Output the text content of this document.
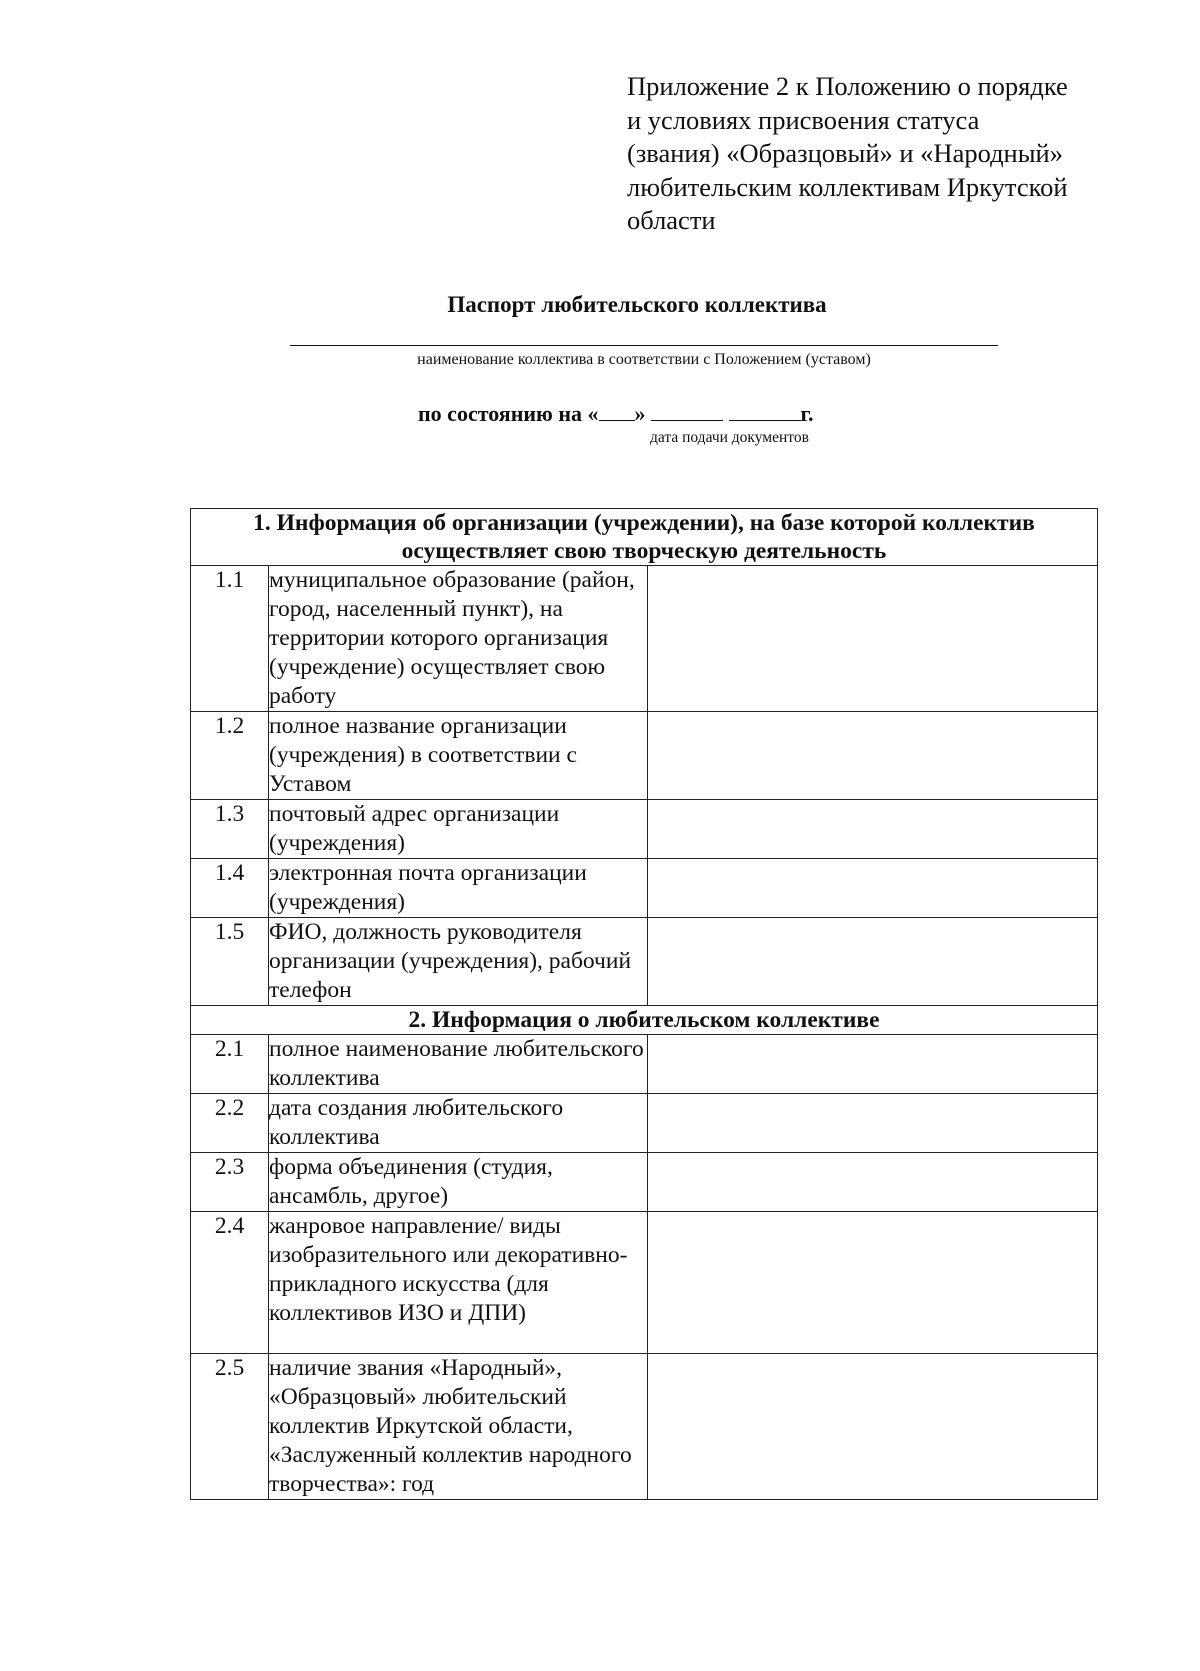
Приложение 2 к Положению о порядке
и условиях присвоения статуса
(звания) «Образцовый» и «Народный»
любительским коллективам Иркутской
области
Паспорт любительского коллектива
наименование коллектива в соответствии с Положением (уставом)
по состоянию на « »	г.
дата подачи документов
1. Информация об организации (учреждении), на базе которой коллектив осуществляет свою творческую деятельность		
1.1	муниципальное образование (район, город, населенный пункт), на территории которого организация (учреждение) осуществляет свою работу	
1.2	полное название организации (учреждения) в соответствии с Уставом	
1.3	почтовый адрес организации (учреждения)	
1.4	электронная почта организации (учреждения)	
1.5	ФИО, должность руководителя организации (учреждения), рабочий телефон	
2. Информация о любительском коллективе		
2.1	полное наименование любительского коллектива	
2.2	дата создания любительского коллектива	
2.3	форма объединения (студия, ансамбль, другое)	
2.4	жанровое направление/ виды изобразительного или декоративно-прикладного искусства (для коллективов ИЗО и ДПИ)	
2.5	наличие звания «Народный», «Образцовый» любительский коллектив Иркутской области, «Заслуженный коллектив народного творчества»: год	
